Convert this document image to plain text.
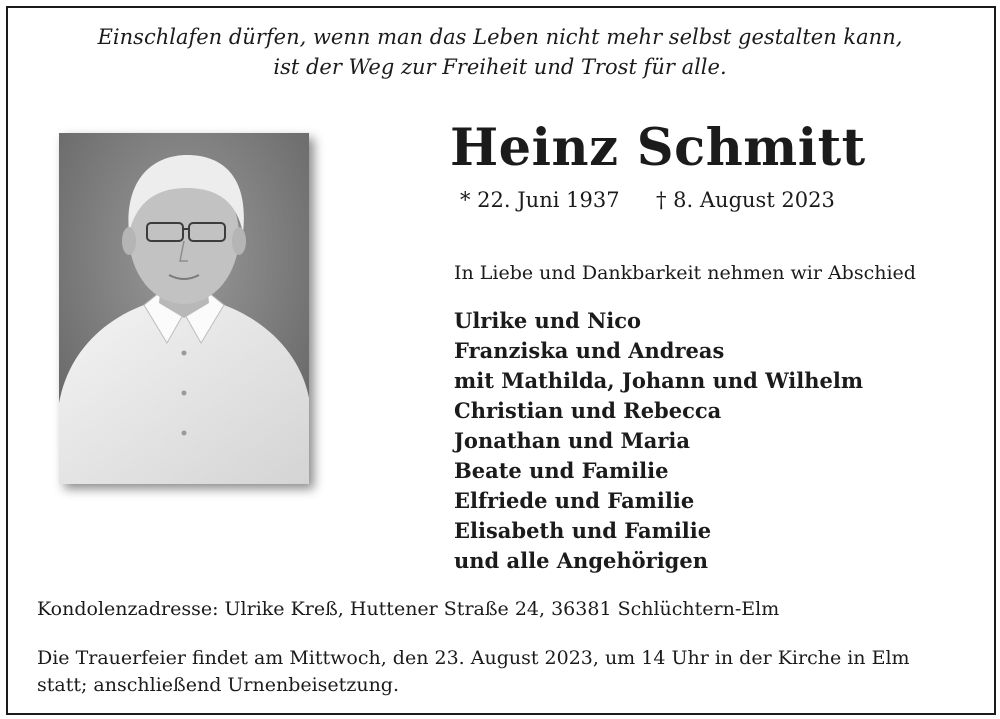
Einschlafen dürfen, wenn man das Leben nicht mehr selbst gestalten kann,
ist der Weg zur Freiheit und Trost für alle.
Heinz Schmitt
* 22. Juni 1937 † 8. August 2023
In Liebe und Dankbarkeit nehmen wir Abschied
Ulrike und Nico
Franziska und Andreas
mit Mathilda, Johann und Wilhelm
Christian und Rebecca
Jonathan und Maria
Beate und Familie
Elfriede und Familie
Elisabeth und Familie
und alle Angehörigen
Kondolenzadresse: Ulrike Kreß, Huttener Straße 24, 36381 Schlüchtern-Elm
Die Trauerfeier findet am Mittwoch, den 23. August 2023, um 14 Uhr in der Kirche in Elm
statt; anschließend Urnenbeisetzung.
